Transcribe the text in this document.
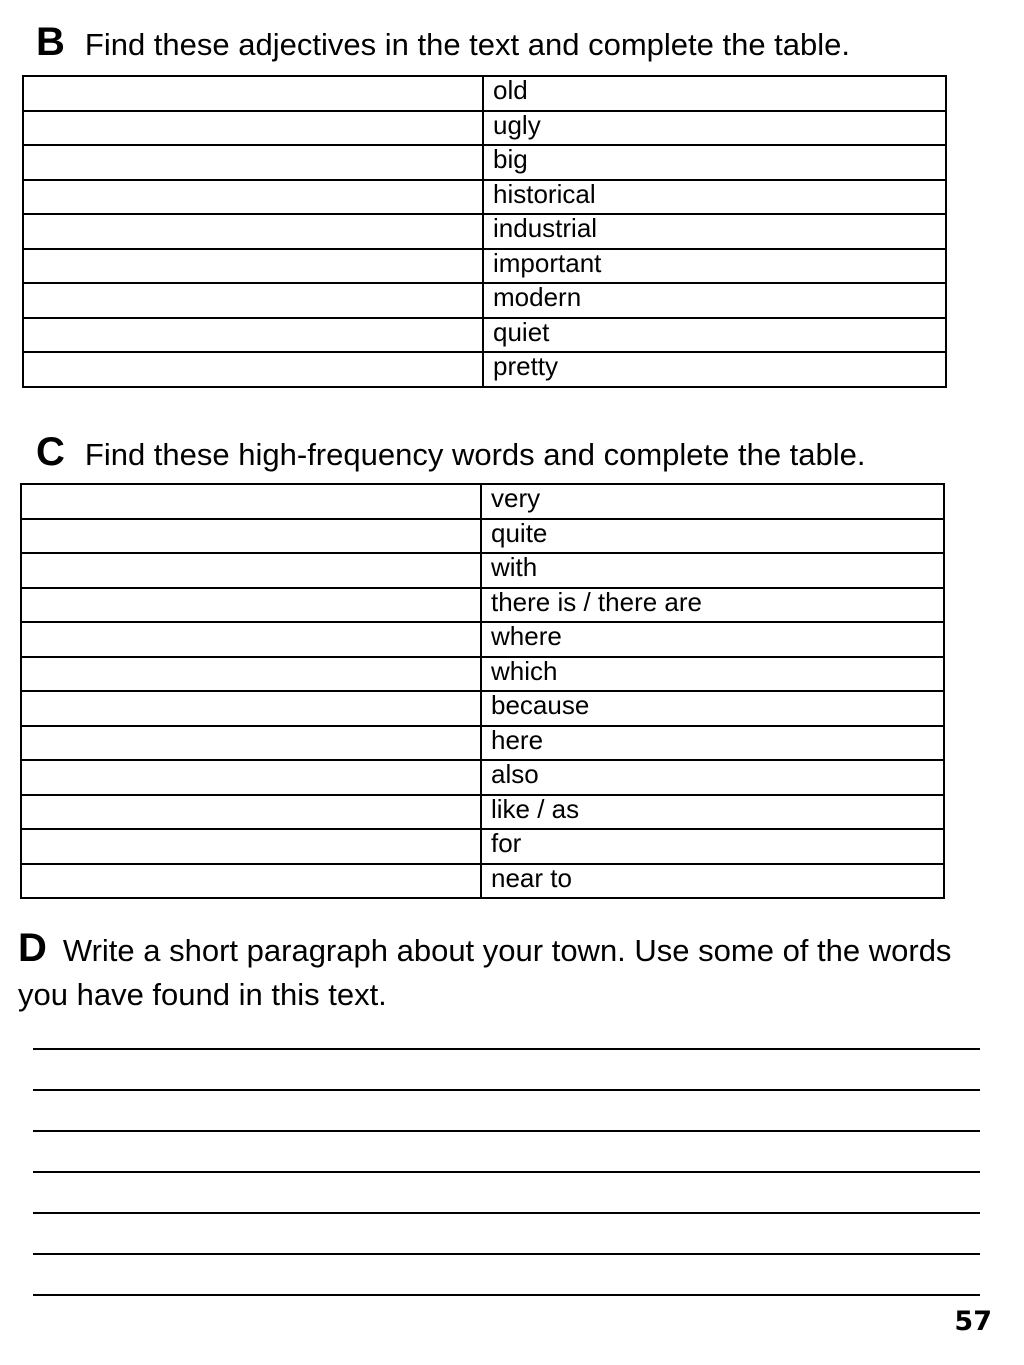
B Find these adjectives in the text and complete the table.
	old
	ugly
	big
	historical
	industrial
	important
	modern
	quiet
	pretty
C Find these high-frequency words and complete the table.
	very
	quite
	with
	there is / there are
	where
	which
	because
	here
	also
	like / as
	for
	near to
D Write a short paragraph about your town. Use some of the words you have found in this text.
57
